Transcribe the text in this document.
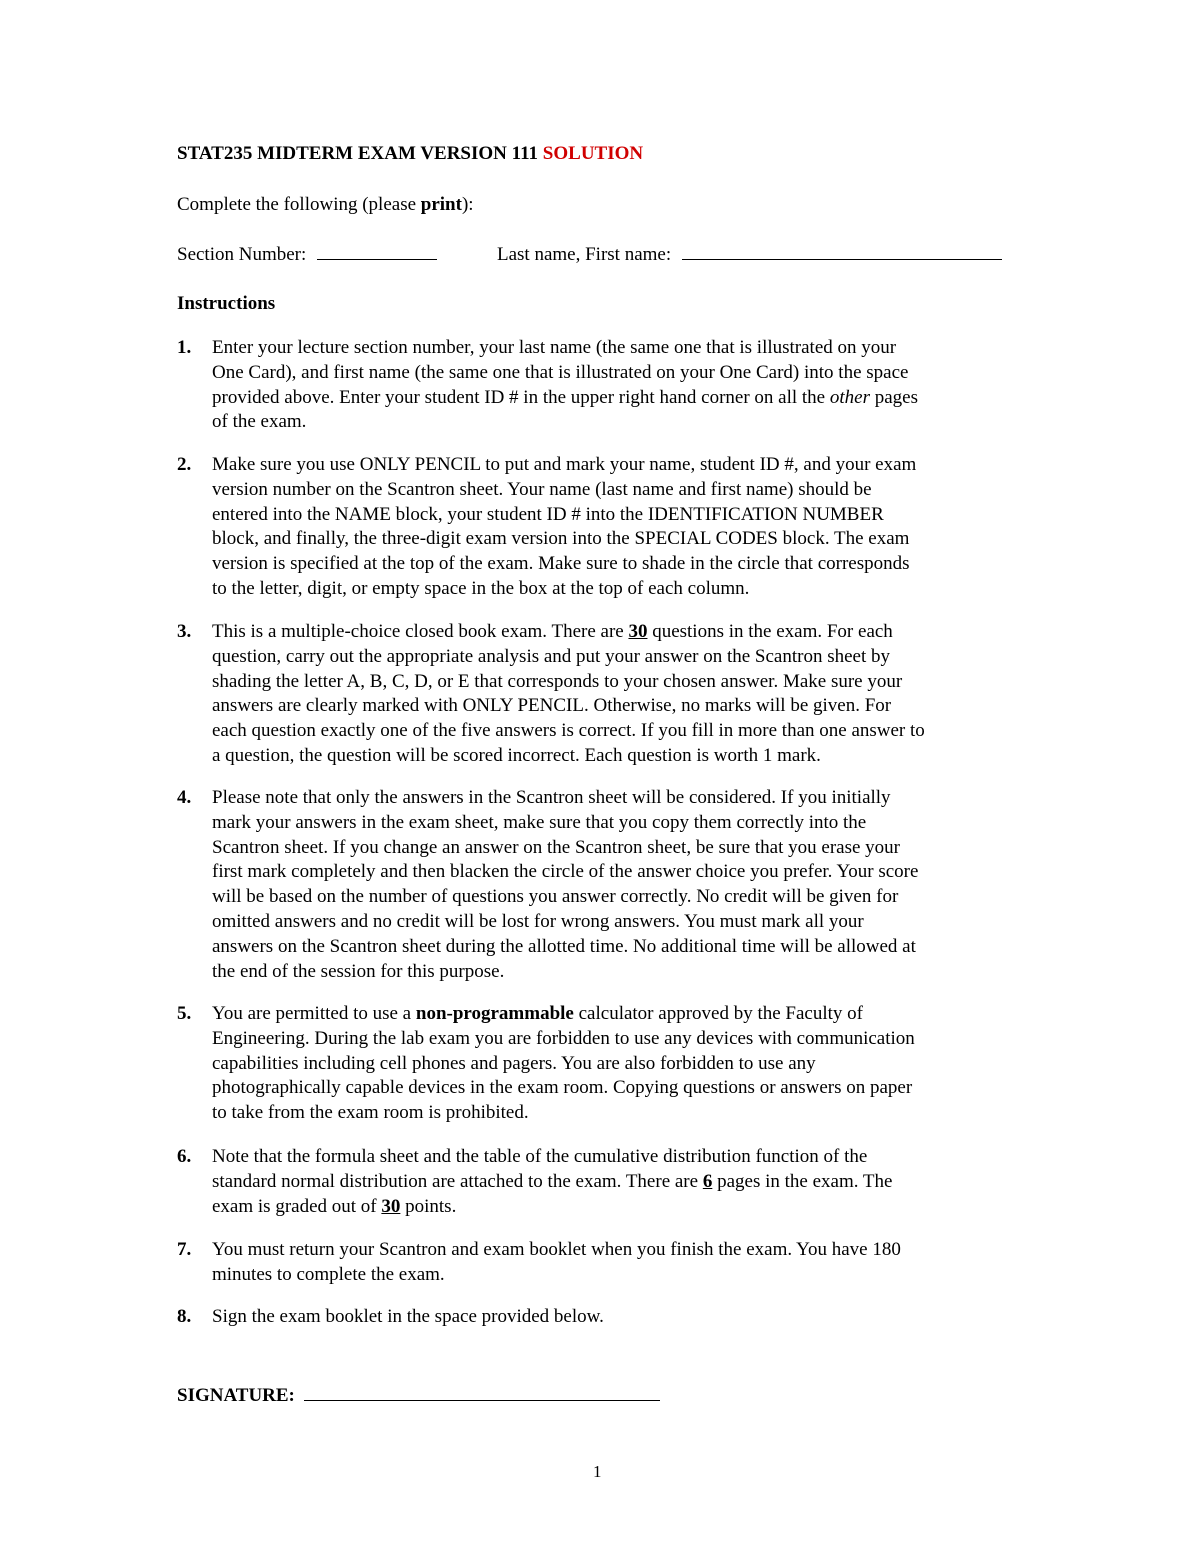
STAT235 MIDTERM EXAM VERSION 111 SOLUTION
Complete the following (please print):
Section Number:	Last name, First name:
Instructions
1. Enter your lecture section number, your last name (the same one that is illustrated on your
One Card), and first name (the same one that is illustrated on your One Card) into the space
provided above. Enter your student ID # in the upper right hand corner on all the other pages
of the exam.
2. Make sure you use ONLY PENCIL to put and mark your name, student ID #, and your exam
version number on the Scantron sheet. Your name (last name and first name) should be
entered into the NAME block, your student ID # into the IDENTIFICATION NUMBER
block, and finally, the three-digit exam version into the SPECIAL CODES block. The exam
version is specified at the top of the exam. Make sure to shade in the circle that corresponds
to the letter, digit, or empty space in the box at the top of each column.
3. This is a multiple-choice closed book exam. There are 30 questions in the exam. For each
question, carry out the appropriate analysis and put your answer on the Scantron sheet by
shading the letter A, B, C, D, or E that corresponds to your chosen answer. Make sure your
answers are clearly marked with ONLY PENCIL. Otherwise, no marks will be given. For
each question exactly one of the five answers is correct. If you fill in more than one answer to
a question, the question will be scored incorrect. Each question is worth 1 mark.
4. Please note that only the answers in the Scantron sheet will be considered. If you initially
mark your answers in the exam sheet, make sure that you copy them correctly into the
Scantron sheet. If you change an answer on the Scantron sheet, be sure that you erase your
first mark completely and then blacken the circle of the answer choice you prefer. Your score
will be based on the number of questions you answer correctly. No credit will be given for
omitted answers and no credit will be lost for wrong answers. You must mark all your
answers on the Scantron sheet during the allotted time. No additional time will be allowed at
the end of the session for this purpose.
5. You are permitted to use a non-programmable calculator approved by the Faculty of
Engineering. During the lab exam you are forbidden to use any devices with communication
capabilities including cell phones and pagers. You are also forbidden to use any
photographically capable devices in the exam room. Copying questions or answers on paper
to take from the exam room is prohibited.
6. Note that the formula sheet and the table of the cumulative distribution function of the
standard normal distribution are attached to the exam. There are 6 pages in the exam. The
exam is graded out of 30 points.
7. You must return your Scantron and exam booklet when you finish the exam. You have 180
minutes to complete the exam.
8. Sign the exam booklet in the space provided below.
SIGNATURE:
1
